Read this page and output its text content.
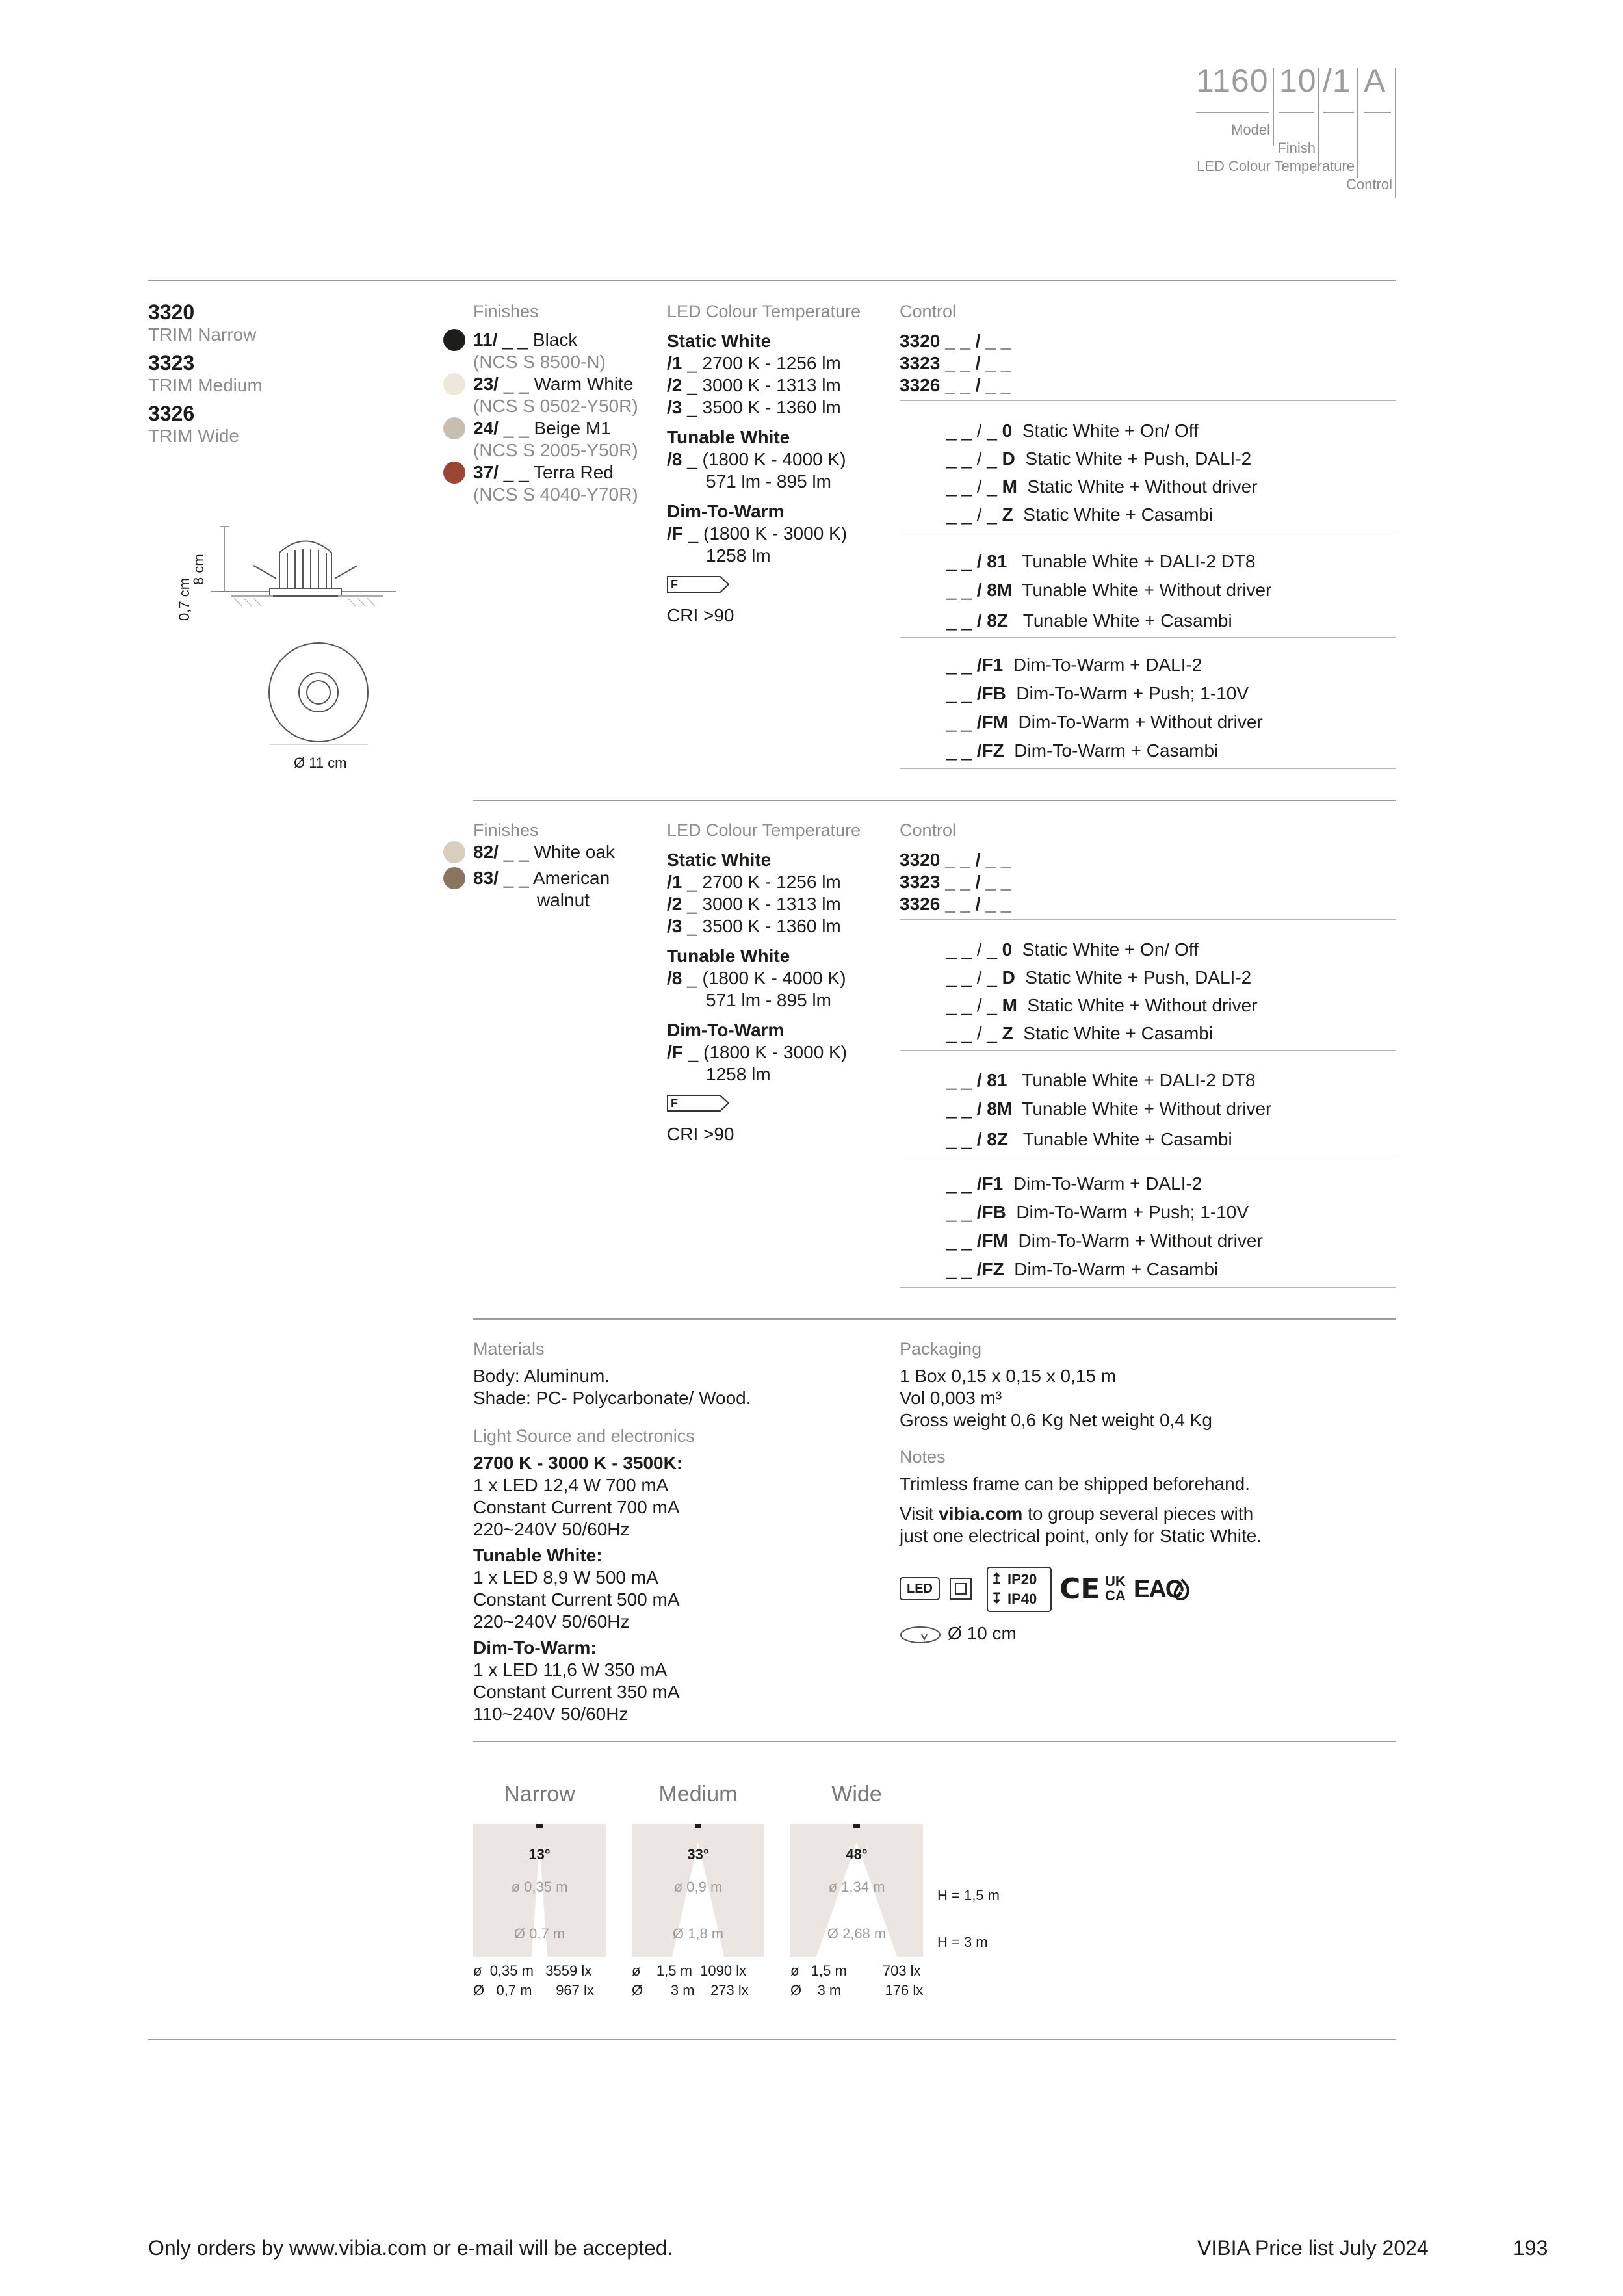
1160 10 /1 A
Model
Finish
LED Colour Temperature
Control
3320
TRIM Narrow
3323
TRIM Medium
3326
TRIM Wide
8 cm
0,7 cm
Ø 11 cm
Finishes
11/ _ _ Black
(NCS S 8500-N)
23/ _ _ Warm White
(NCS S 0502-Y50R)
24/ _ _ Beige M1
(NCS S 2005-Y50R)
37/ _ _ Terra Red
(NCS S 4040-Y70R)
LED Colour Temperature
Static White
/1 _ 2700 K - 1256 lm
/2 _ 3000 K - 1313 lm
/3 _ 3500 K - 1360 lm
Tunable White
/8 _ (1800 K - 4000 K)
571 lm - 895 lm
Dim-To-Warm
/F _ (1800 K - 3000 K)
1258 lm
F
CRI >90
Control
3320 _ _ / _ _
3323 _ _ / _ _
3326 _ _ / _ _
_ _ / _ 0 Static White + On/ Off
_ _ / _ D Static White + Push, DALI-2
_ _ / _ M Static White + Without driver
_ _ / _ Z Static White + Casambi
_ _ / 81 Tunable White + DALI-2 DT8
_ _ / 8M Tunable White + Without driver
_ _ / 8Z Tunable White + Casambi
_ _ /F1 Dim-To-Warm + DALI-2
_ _ /FB Dim-To-Warm + Push; 1-10V
_ _ /FM Dim-To-Warm + Without driver
_ _ /FZ Dim-To-Warm + Casambi
Finishes
82/ _ _ White oak
83/ _ _ American
walnut
LED Colour Temperature
Static White
/1 _ 2700 K - 1256 lm
/2 _ 3000 K - 1313 lm
/3 _ 3500 K - 1360 lm
Tunable White
/8 _ (1800 K - 4000 K)
571 lm - 895 lm
Dim-To-Warm
/F _ (1800 K - 3000 K)
1258 lm
F
CRI >90
Control
3320 _ _ / _ _
3323 _ _ / _ _
3326 _ _ / _ _
_ _ / _ 0 Static White + On/ Off
_ _ / _ D Static White + Push, DALI-2
_ _ / _ M Static White + Without driver
_ _ / _ Z Static White + Casambi
_ _ / 81 Tunable White + DALI-2 DT8
_ _ / 8M Tunable White + Without driver
_ _ / 8Z Tunable White + Casambi
_ _ /F1 Dim-To-Warm + DALI-2
_ _ /FB Dim-To-Warm + Push; 1-10V
_ _ /FM Dim-To-Warm + Without driver
_ _ /FZ Dim-To-Warm + Casambi
Materials
Body: Aluminum.
Shade: PC- Polycarbonate/ Wood.
Light Source and electronics
2700 K - 3000 K - 3500K:
1 x LED 12,4 W 700 mA
Constant Current 700 mA
220~240V 50/60Hz
Tunable White:
1 x LED 8,9 W 500 mA
Constant Current 500 mA
220~240V 50/60Hz
Dim-To-Warm:
1 x LED 11,6 W 350 mA
Constant Current 350 mA
110~240V 50/60Hz
Packaging
1 Box 0,15 x 0,15 x 0,15 m
Vol 0,003 m³
Gross weight 0,6 Kg Net weight 0,4 Kg
Notes
Trimless frame can be shipped beforehand.
Visit vibia.com to group several pieces with
just one electrical point, only for Static White.
LED
↥
↧
IP20
IP40 CE UK
CA EAC
Ø 10 cm
Narrow
13°
ø 0,35 m
Ø 0,7 m
ø 0,35 m 3559 lx
Ø 0,7 m 967 lx
Medium
33°
ø 0,9 m
Ø 1,8 m
ø 1,5 m 1090 lx
Ø 3 m 273 lx
Wide
48°
ø 1,34 m
Ø 2,68 m
ø 1,5 m	703 lx
Ø 3 m	176 lx
H = 1,5 m
H = 3 m
Only orders by www.vibia.com or e-mail will be accepted.	VIBIA Price list July 2024	193
